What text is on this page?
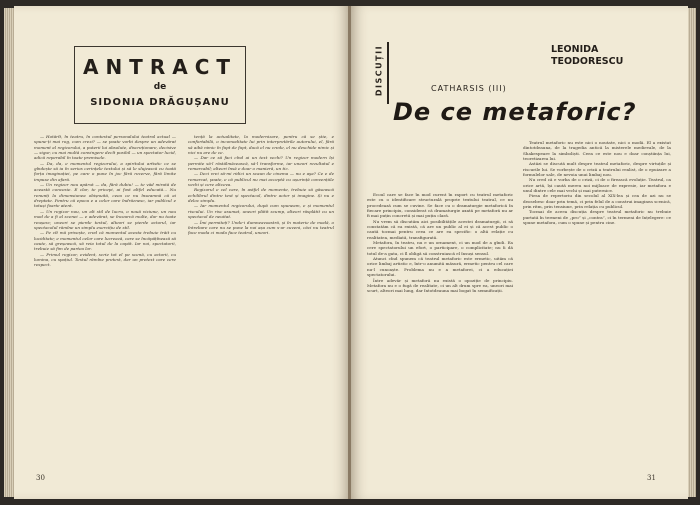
ANTRACT
de
SIDONIA DRĂGUȘANU

— Hotărît, în teatru, în contextul personalului teatral actual — spune-ți mai rog, cum crezi? — se poate vorbi despre un adevărat moment al regizorului, a puterii lui absolute, discreționare, decisive — sigur, cu mai multă convingere decît posibil — un spectator lucid, adică reperabil în toate premisele.

— Da, da, e momentul regizorului, a spiritului artistic ce se gîndește să ia în serios cerințele textului și să le slujească cu toată forța imaginației, pe care o pune în joc fără rezerve, fără limite impuse din afară.

— Un regizor nou apărut — da, fără dubiu! — te văd mirată de această concesie. E clar, te pricepi, ai fost altfel educată... Nu renunți la dimensiunea obișnuită, ceea ce nu înseamnă că ai dreptate. Pentru că epoca e a celor care îndrăznesc, iar publicul e totuși foarte atent.

— Un regizor nou, un alt stil de lucru, o nouă viziune, un nou mod de a fi al scenei — e adevărat, se încearcă multe, dar nu toate reușesc; uneori se pierde textul, alteori se pierde actorul, iar spectacolul rămîne un simplu exercițiu de stil.

— Pe cît mă privește, cred că momentul acesta trebuie trăit cu luciditate; e momentul celor care lucrează, care se încăpățînează să caute, să greșească, să reia totul de la capăt. Iar noi, spectatorii, trebuie să fim de partea lor.

— Primul regizor, evident, scrie tot el pe scenă, cu actorii, cu lumina, cu spațiul. Textul rămîne pretext, dar un pretext care cere respect.

tență la actualitate, la modernizare, pentru că se știe, e confortabilă, o incomoditate lui prin interpretările autorului, el, fără să aibă nimic în fapt de fapt, dacă el nu crede, el nu deschide nimic și nici nu are de ce.

— Dar ce să faci cînd ai un text vechi? Un regizor modern își permite să-l răstălmăcească, să-l transforme, iar uneori rezultatul e remarcabil; alteori însă e doar o manieră, un tic.

— Deci vrei să-mi ridici un scaun de cinema — nu e aşa? Ce e de remarcat, poate, e că publicul nu mai acceptă cu ușurință convențiile vechi și cere altceva.

Regizorul e cel care, în astfel de momente, trebuie să găsească echilibrul dintre text și spectacol, dintre actor și imagine. Și nu e deloc simplu.

— Iar momentul regizorului, după cum spuneam, e și momentul riscului. Un risc asumat, uneori plătit scump, alteori răsplătit cu un spectacol de neuitat.

— Îmi permiteți? Unde-i dumneavoastră, și în materie de modă, o întrebare care nu se pune la noi așa cum s-ar cuveni, căci nu teatrul face moda ci moda face teatrul, uneori.

30
DISCUȚII	LEONIDA TEODORESCU
CATHARSIS (III)
De ce metaforic?

Ecoul care se face în mod curent în raport cu teatrul metaforic este cu o identificare structurală proprie textului teatral, ce nu procedează cum se cuvine. Se face cu o dramaturgie metaforică în fiecare principiu, considerat că dramaturgie axată pe metaforă nu ar fi mai puțin concretă și mai puțin clară.

Nu vrem să discutăm aici posibilitățile acestei dramaturgii, ci să constatăm că ea există, că are un public al ei și că acest public o caută tocmai pentru ceea ce are ea specific: o altă relație cu realitatea, mediată, transfigurată.

Metafora, în teatru, nu e un ornament, ci un mod de a gîndi. Ea cere spectatorului un efort, o participare, o complicitate; nu îi dă totul de-a gata, ci îl obligă să construiască el însuși sensul.

Atunci cînd spunem că teatrul metaforic este ermetic, uităm că orice limbaj artistic e, într-o anumită măsură, ermetic pentru cel care nu-l cunoaște. Problema nu e a metaforei, ci a educației spectatorului.

Între adevăr și metaforă nu există o opoziție de principiu. Metafora nu e o fugă de realitate, ci un alt drum spre ea, uneori mai scurt, alteori mai lung, dar întotdeauna mai bogat în semnificații.

Teatrul metaforic nu este nici o noutate, nici o modă. El a existat dintotdeauna, de la tragedia antică la misterele medievale, de la Shakespeare la simboliști. Ceea ce este nou e doar conștiința lui, teoretizarea lui.

Astăzi se discută mult despre teatrul metaforic, despre virtuțile și riscurile lui. Se vorbește de o criză a teatrului realist, de o epuizare a formulelor sale, de nevoia unui limbaj nou.

Nu cred că e vorba de o criză, ci de o firească evoluție. Teatrul, ca orice artă, își caută mereu noi mijloace de expresie, iar metafora e unul dintre cele mai vechi și mai puternice.

Piesa de repertoriu din secolul al XIX-lea și cea de azi nu se deosebesc doar prin temă, ci prin felul de a construi imaginea scenică, prin ritm, prin tensiune, prin relația cu publicul.

Tocmai de aceea discuția despre teatrul metaforic nu trebuie purtată în termeni de „pro” și „contra”, ci în termeni de înțelegere: ce spune metafora, cum o spune și pentru cine.

31
